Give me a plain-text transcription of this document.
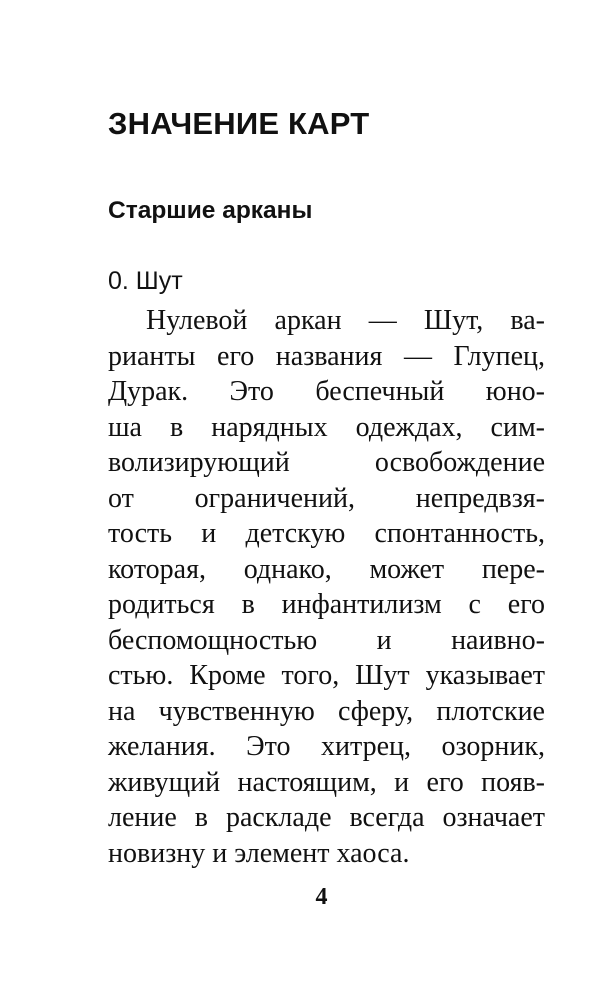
ЗНАЧЕНИЕ КАРТ
Старшие арканы
0. Шут

Нулевой аркан — Шут, ва-
рианты его названия — Глупец,
Дурак. Это беспечный юно-
ша в нарядных одеждах, сим-
волизирующий освобождение
от ограничений, непредвзя-
тость и детскую спонтанность,
которая, однако, может пере-
родиться в инфантилизм с его
беспомощностью и наивно-
стью. Кроме того, Шут указывает
на чувственную сферу, плотские
желания. Это хитрец, озорник,
живущий настоящим, и его появ-
ление в раскладе всегда означает
новизну и элемент хаоса.

4
